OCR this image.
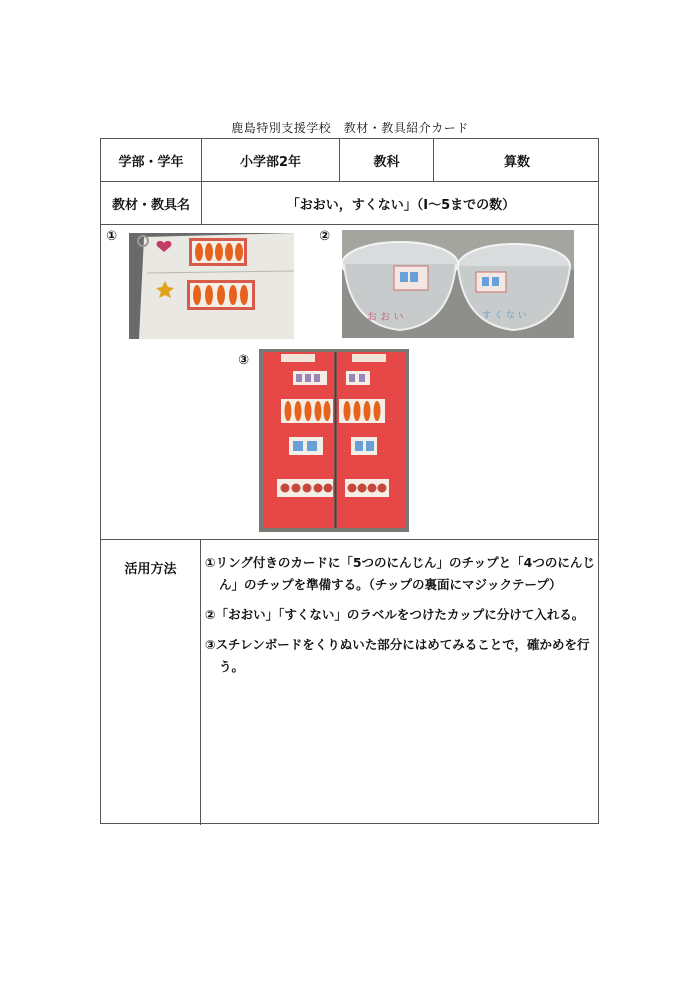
鹿島特別支援学校　教材・教具紹介カード
学部・学年	小学部2年	教科	算数
教材・教具名	「おおい，すくない」（Ⅰ～5までの数）
①	②
お お い	す く な い
③
活用方法	①リング付きのカードに「5つのにんじん」のチップと「4つのにんじん」のチップを準備する。（チップの裏面にマジックテープ）

②「おおい」「すくない」のラベルをつけたカップに分けて入れる。

③スチレンボードをくりぬいた部分にはめてみることで，確かめを行う。
